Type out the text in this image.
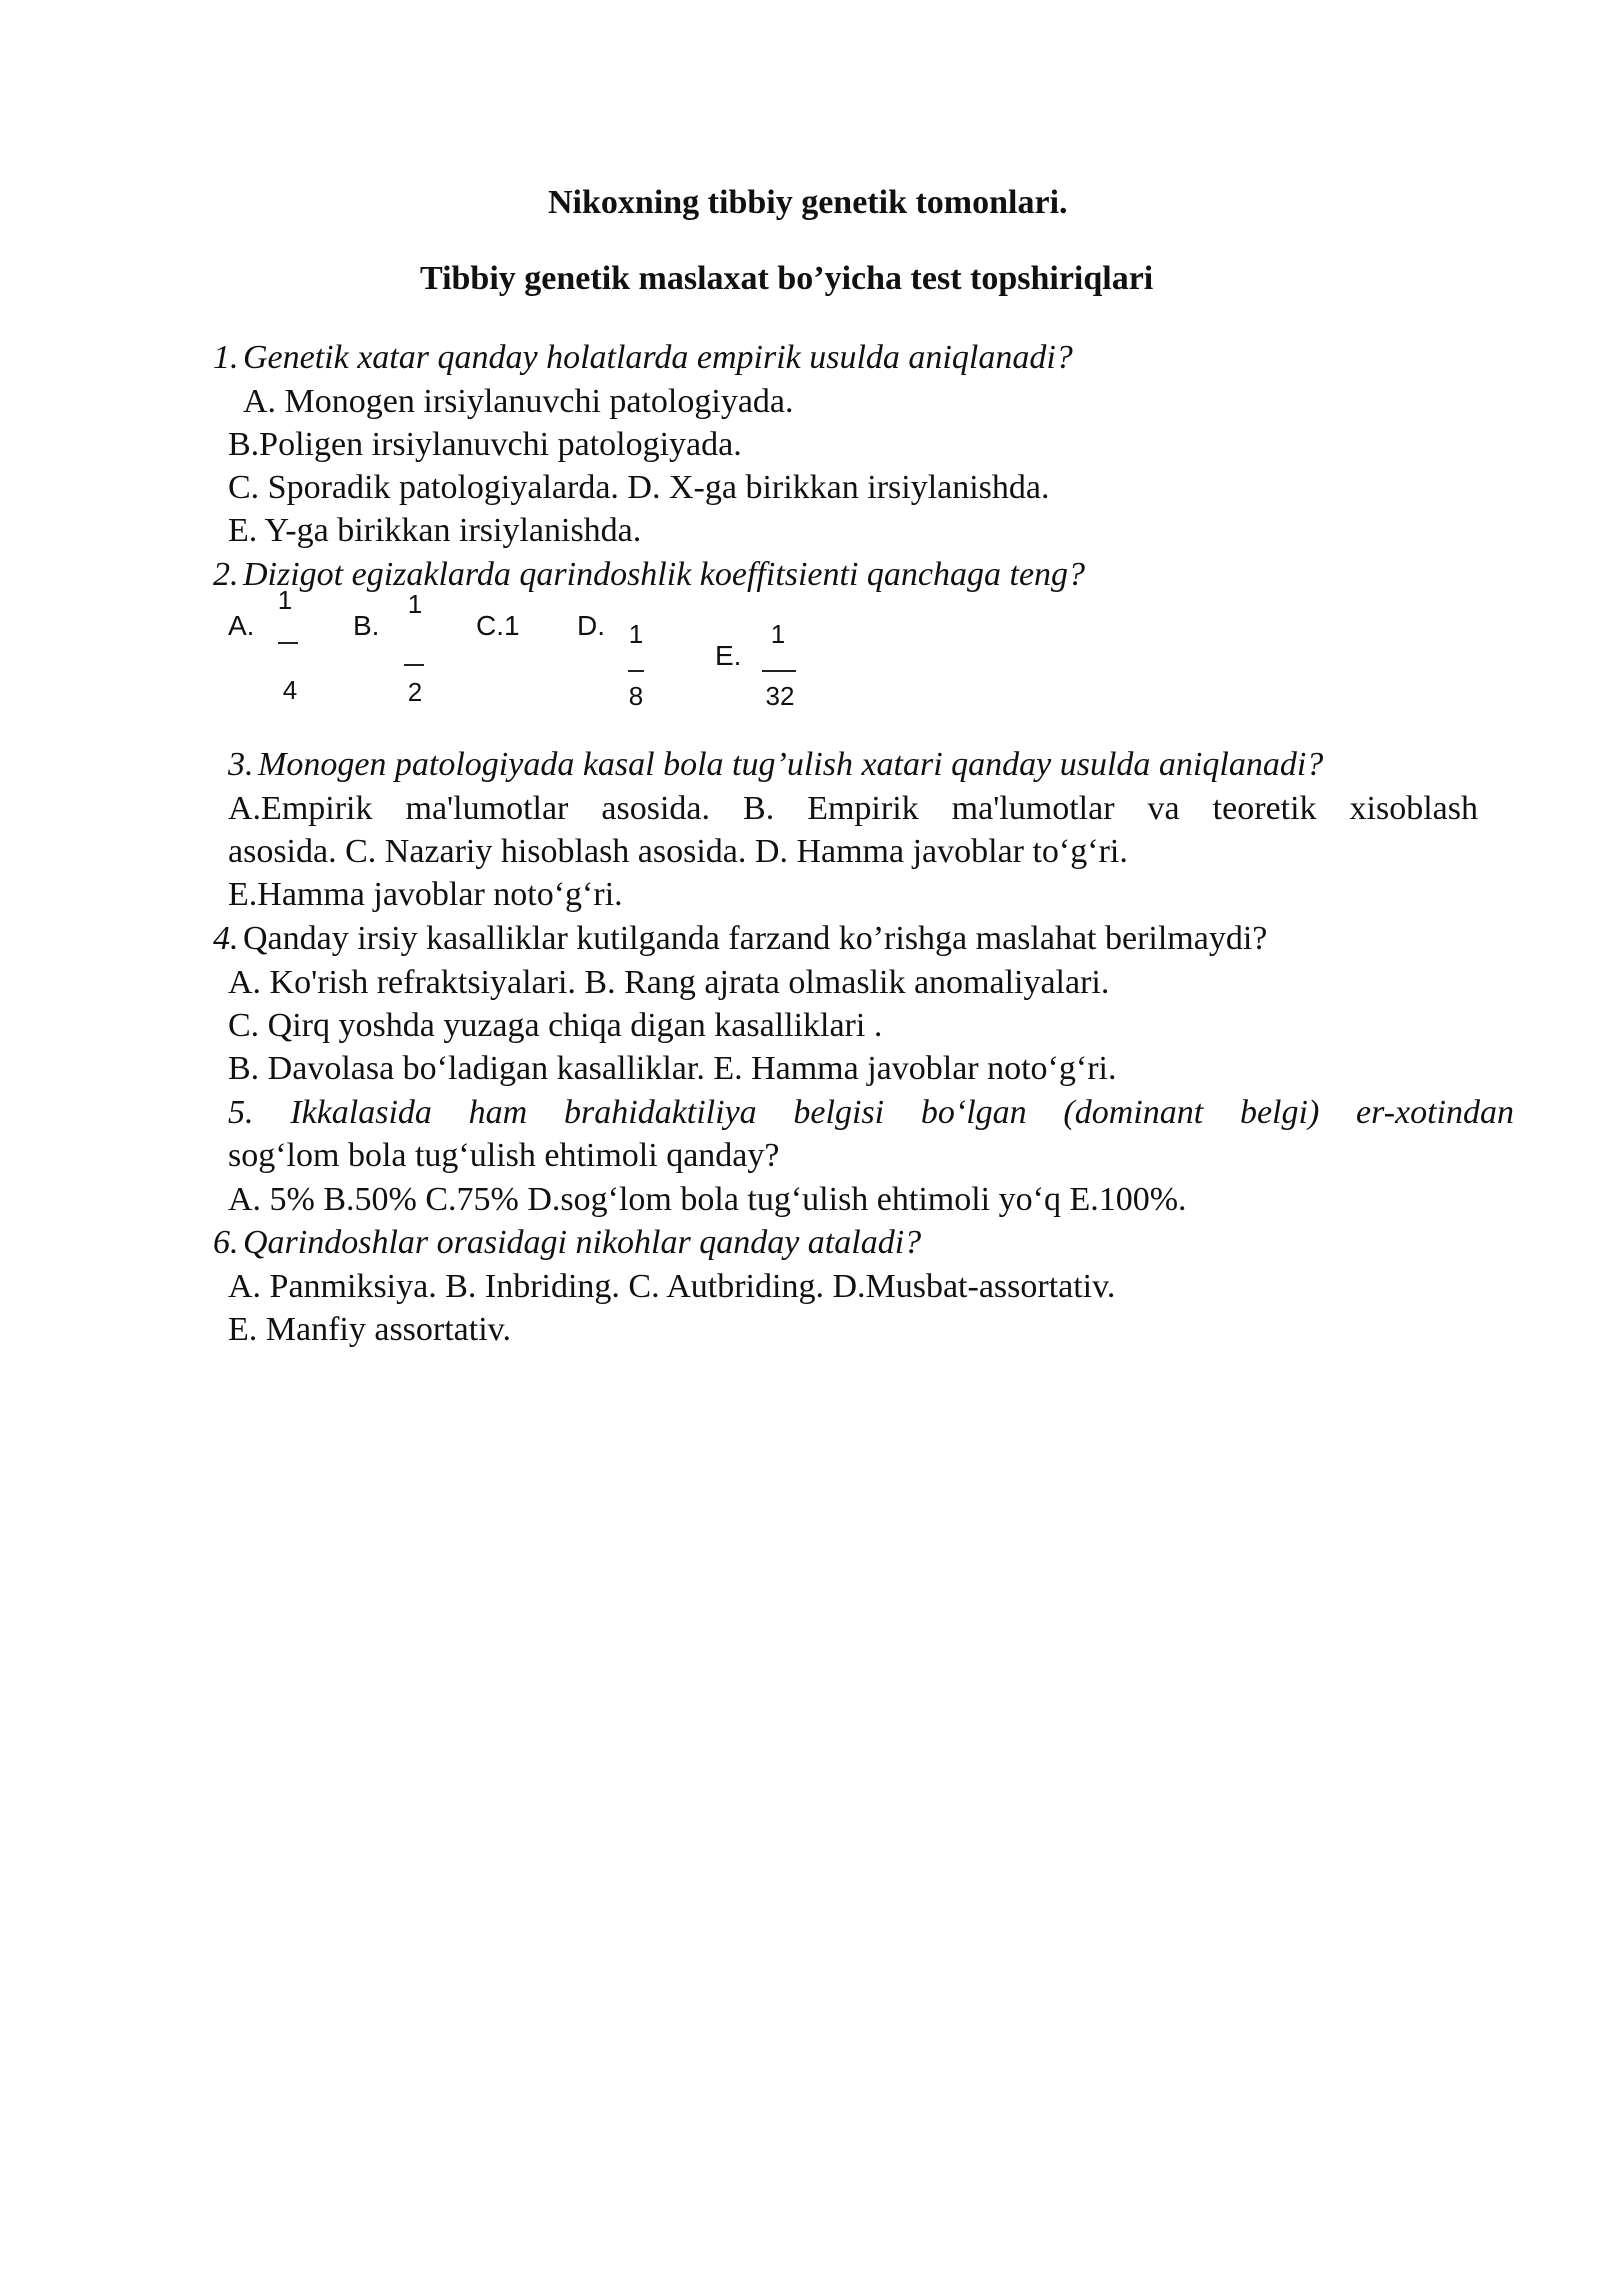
Nikoxning tibbiy genetik tomonlari.
Tibbiy genetik maslaxat bo’yicha test topshiriqlari
1. Genetik xatar qanday holatlarda empirik usulda aniqlanadi?
A. Monogen irsiylanuvchi patologiyada.
B.Poligen irsiylanuvchi patologiyada.
C. Sporadik patologiyalarda. D. X-ga birikkan irsiylanishda.
E. Y-ga birikkan irsiylanishda.
2. Dizigot egizaklarda qarindoshlik koeffitsienti qanchaga teng?
A.
1
4
B.
1
2
C.1 D. 1
8
E.
1
32
3. Monogen patologiyada kasal bola tug’ulish xatari qanday usulda aniqlanadi?
A.Empirik ma'lumotlar asosida. B. Empirik ma'lumotlar va teoretik xisoblash
asosida. C. Nazariy hisoblash asosida. D. Hamma javoblar to‘g‘ri.
E.Hamma javoblar noto‘g‘ri.
4. Qanday irsiy kasalliklar kutilganda farzand ko’rishga maslahat berilmaydi?
A. Ko'rish refraktsiyalari. B. Rang ajrata olmaslik anomaliyalari.
C. Qirq yoshda yuzaga chiqa digan kasalliklari .
B. Davolasa bo‘ladigan kasalliklar. E. Hamma javoblar noto‘g‘ri.
5. Ikkalasida ham brahidaktiliya belgisi bo‘lgan (dominant belgi) er-xotindan
sog‘lom bola tug‘ulish ehtimoli qanday?
A. 5% B.50% C.75% D.sog‘lom bola tug‘ulish ehtimoli yo‘q E.100%.
6. Qarindoshlar orasidagi nikohlar qanday ataladi?
A. Panmiksiya. B. Inbriding. C. Autbriding. D.Musbat-assortativ.
E. Manfiy assortativ.
